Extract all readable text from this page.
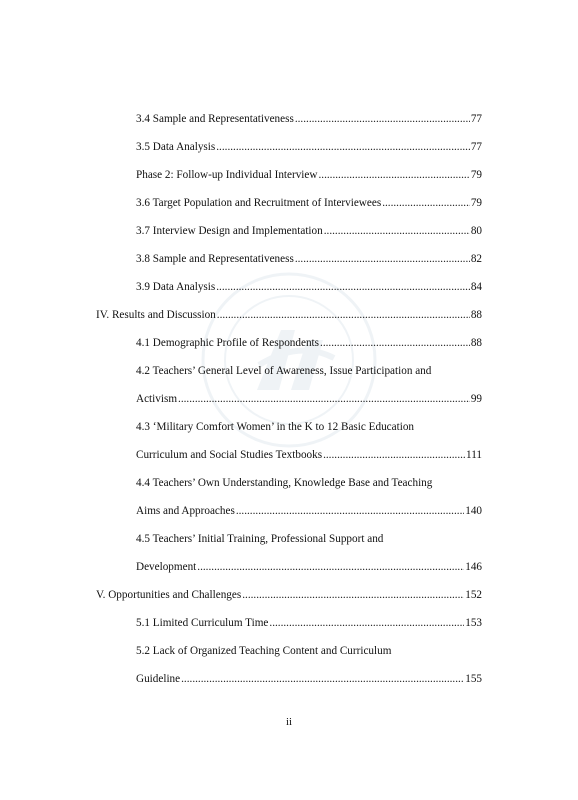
3.4 Sample and Representativeness .....	77
3.5 Data Analysis .....	77
Phase 2: Follow-up Individual Interview .....	79
3.6 Target Population and Recruitment of Interviewees .....	79
3.7 Interview Design and Implementation .....	80
3.8 Sample and Representativeness .....	82
3.9 Data Analysis .....	84
IV. Results and Discussion .....	88
4.1 Demographic Profile of Respondents .....	88
4.2 Teachers’ General Level of Awareness, Issue Participation and
Activism .....	99
4.3 ‘Military Comfort Women’ in the K to 12 Basic Education
Curriculum and Social Studies Textbooks .....	111
4.4 Teachers’ Own Understanding, Knowledge Base and Teaching
Aims and Approaches .....	140
4.5 Teachers’ Initial Training, Professional Support and
Development .....	146
V. Opportunities and Challenges .....	152
5.1 Limited Curriculum Time .....	153
5.2 Lack of Organized Teaching Content and Curriculum
Guideline .....	155
ii
